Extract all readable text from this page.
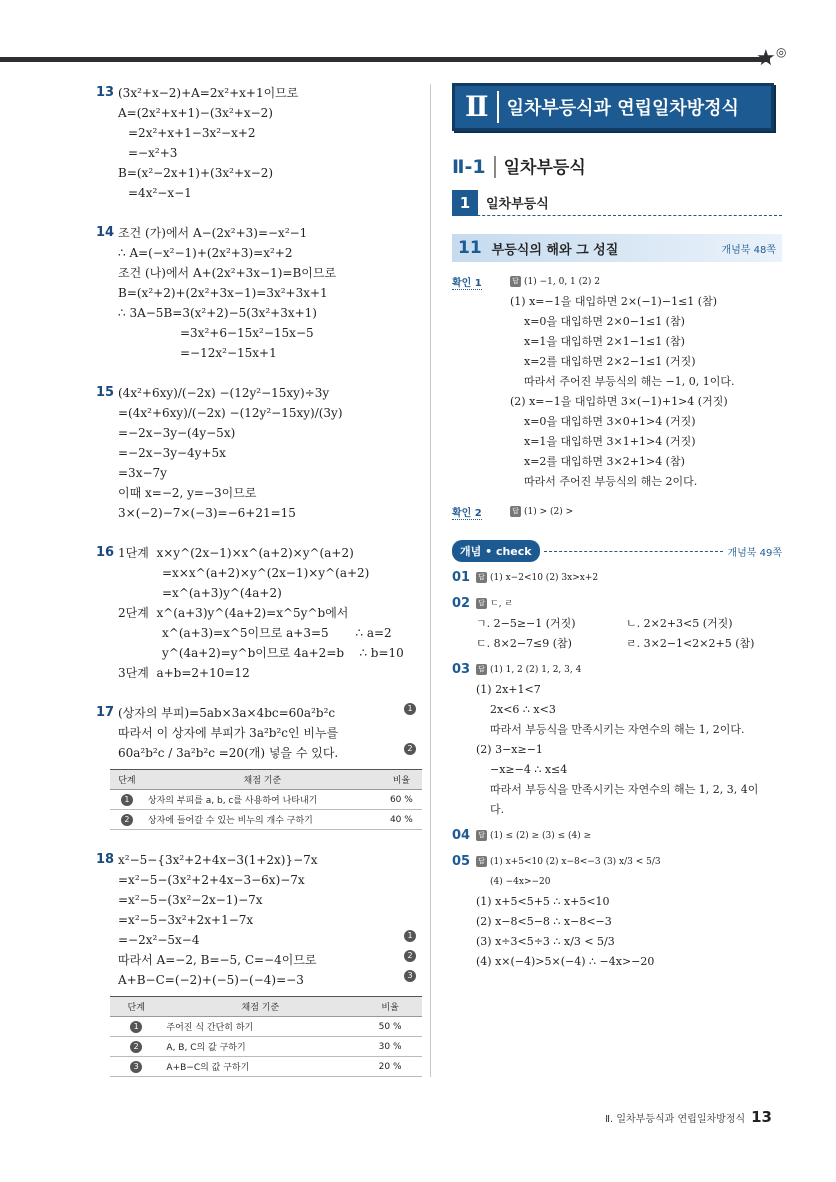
★ ◎
13 (3x²+x−2)+A=2x²+x+1이므로
A=(2x²+x+1)−(3x²+x−2)
=2x²+x+1−3x²−x+2
=−x²+3
B=(x²−2x+1)+(3x²+x−2)
=4x²−x−1
14 조건 (가)에서 A−(2x²+3)=−x²−1
∴ A=(−x²−1)+(2x²+3)=x²+2
조건 (나)에서 A+(2x²+3x−1)=B이므로
B=(x²+2)+(2x²+3x−1)=3x²+3x+1
∴ 3A−5B=3(x²+2)−5(3x²+3x+1)
=3x²+6−15x²−15x−5
=−12x²−15x+1
15 (4x²+6xy)/(−2x) −(12y²−15xy)÷3y
=(4x²+6xy)/(−2x) −(12y²−15xy)/(3y)
=−2x−3y−(4y−5x)
=−2x−3y−4y+5x
=3x−7y
이때 x=−2, y=−3이므로
3×(−2)−7×(−3)=−6+21=15
16 1단계 x×y^(2x−1)×x^(a+2)×y^(a+2)
=x×x^(a+2)×y^(2x−1)×y^(a+2)
=x^(a+3)y^(4a+2)
2단계 x^(a+3)y^(4a+2)=x^5y^b에서
x^(a+3)=x^5이므로 a+3=5 ∴ a=2
y^(4a+2)=y^b이므로 4a+2=b ∴ b=10
3단계 a+b=2+10=12
17 (상자의 부피)=5ab×3a×4bc=60a²b²c	1
따라서 이 상자에 부피가 3a²b²c인 비누를
60a²b²c / 3a²b²c =20(개) 넣을 수 있다.	2
단계	채점 기준	비율
1	상자의 부피를 a, b, c를 사용하여 나타내기	60 %
2	상자에 들어갈 수 있는 비누의 개수 구하기	40 %
18 x²−5−{3x²+2+4x−3(1+2x)}−7x
=x²−5−(3x²+2+4x−3−6x)−7x
=x²−5−(3x²−2x−1)−7x
=x²−5−3x²+2x+1−7x
=−2x²−5x−4	1
따라서 A=−2, B=−5, C=−4이므로	2
A+B−C=(−2)+(−5)−(−4)=−3	3
단계	채점 기준	비율
1	주어진 식 간단히 하기	50 %
2	A, B, C의 값 구하기	30 %
3	A+B−C의 값 구하기	20 %
Ⅱ	일차부등식과 연립일차방정식
Ⅱ-1	일차부등식
1	일차부등식
11 부등식의 해와 그 성질	개념북 48쪽
확인 1	답 (1) −1, 0, 1 (2) 2
(1) x=−1을 대입하면 2×(−1)−1≤1 (참)
x=0을 대입하면 2×0−1≤1 (참)
x=1을 대입하면 2×1−1≤1 (참)
x=2를 대입하면 2×2−1≤1 (거짓)
따라서 주어진 부등식의 해는 −1, 0, 1이다.
(2) x=−1을 대입하면 3×(−1)+1>4 (거짓)
x=0을 대입하면 3×0+1>4 (거짓)
x=1을 대입하면 3×1+1>4 (거짓)
x=2를 대입하면 3×2+1>4 (참)
따라서 주어진 부등식의 해는 2이다.
확인 2	답 (1) > (2) >
개념 • check	개념북 49쪽
01	답 (1) x−2<10 (2) 3x>x+2
02	답 ㄷ, ㄹ
ㄱ. 2−5≥−1 (거짓)	ㄴ. 2×2+3<5 (거짓)
ㄷ. 8×2−7≤9 (참)	ㄹ. 3×2−1<2×2+5 (참)
03	답 (1) 1, 2 (2) 1, 2, 3, 4
(1) 2x+1<7
2x<6 ∴ x<3
따라서 부등식을 만족시키는 자연수의 해는 1, 2이다.
(2) 3−x≥−1
−x≥−4 ∴ x≤4
따라서 부등식을 만족시키는 자연수의 해는 1, 2, 3, 4이
다.
04	답 (1) ≤ (2) ≥ (3) ≤ (4) ≥
05	답 (1) x+5<10 (2) x−8<−3 (3) x/3 < 5/3
(4) −4x>−20
(1) x+5<5+5 ∴ x+5<10
(2) x−8<5−8 ∴ x−8<−3
(3) x÷3<5÷3 ∴ x/3 < 5/3
(4) x×(−4)>5×(−4) ∴ −4x>−20
Ⅱ. 일차부등식과 연립일차방정식 13
